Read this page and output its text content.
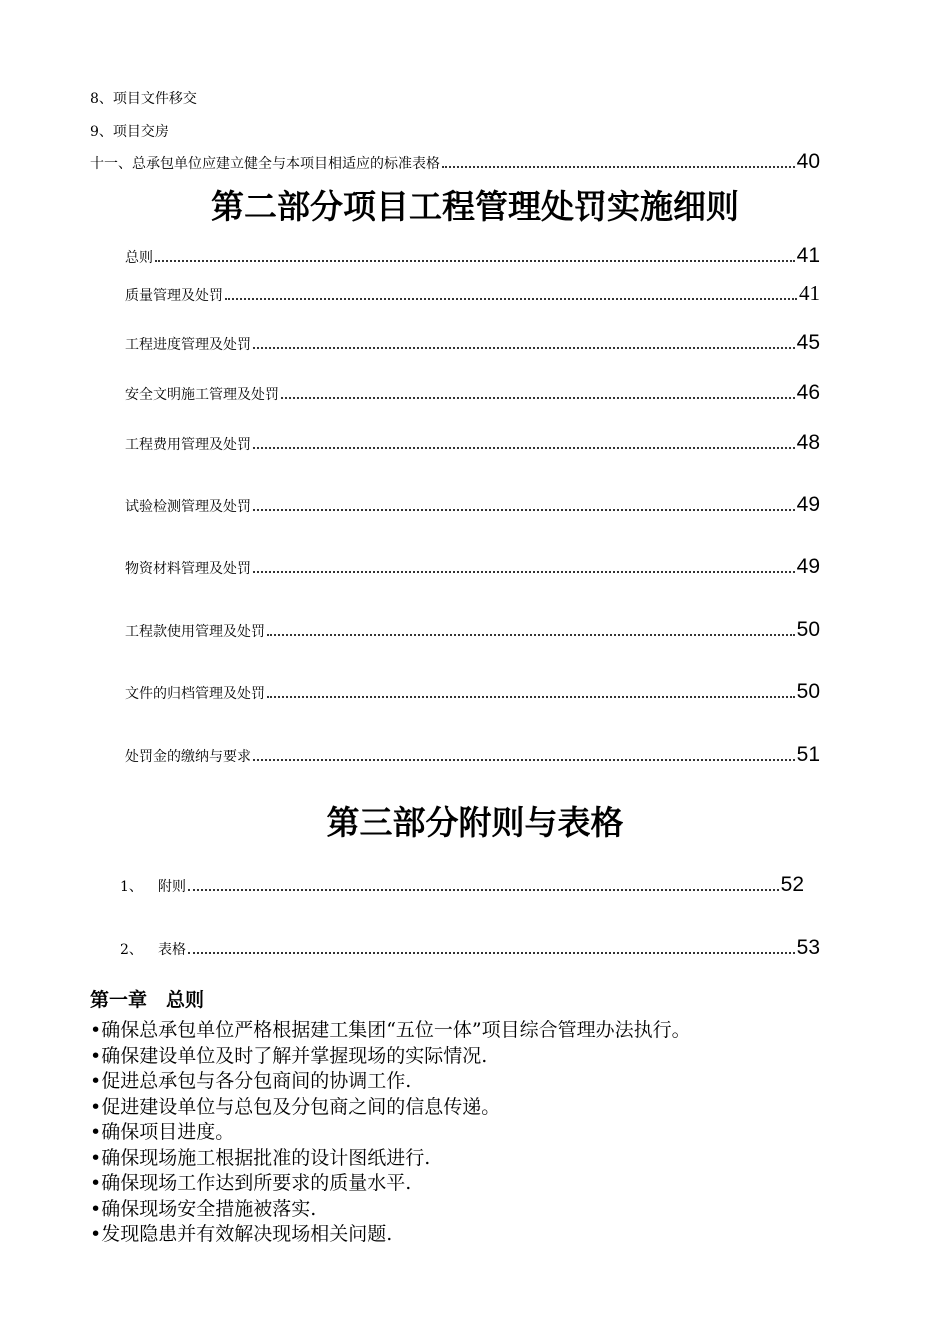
8、项目文件移交
9、项目交房
十一、总承包单位应建立健全与本项目相适应的标准表格	40
第二部分项目工程管理处罚实施细则
总则	41
质量管理及处罚	41
工程进度管理及处罚	45
安全文明施工管理及处罚	46
工程费用管理及处罚	48
试验检测管理及处罚	49
物资材料管理及处罚	49
工程款使用管理及处罚	50
文件的归档管理及处罚	50
处罚金的缴纳与要求	51
第三部分附则与表格
1、	附则	52
2、	表格	53
第一章　总则
•确保总承包单位严格根据建工集团“五位一体”项目综合管理办法执行。
•确保建设单位及时了解并掌握现场的实际情况.
•促进总承包与各分包商间的协调工作.
•促进建设单位与总包及分包商之间的信息传递。
•确保项目进度。
•确保现场施工根据批准的设计图纸进行.
•确保现场工作达到所要求的质量水平.
•确保现场安全措施被落实.
•发现隐患并有效解决现场相关问题.
